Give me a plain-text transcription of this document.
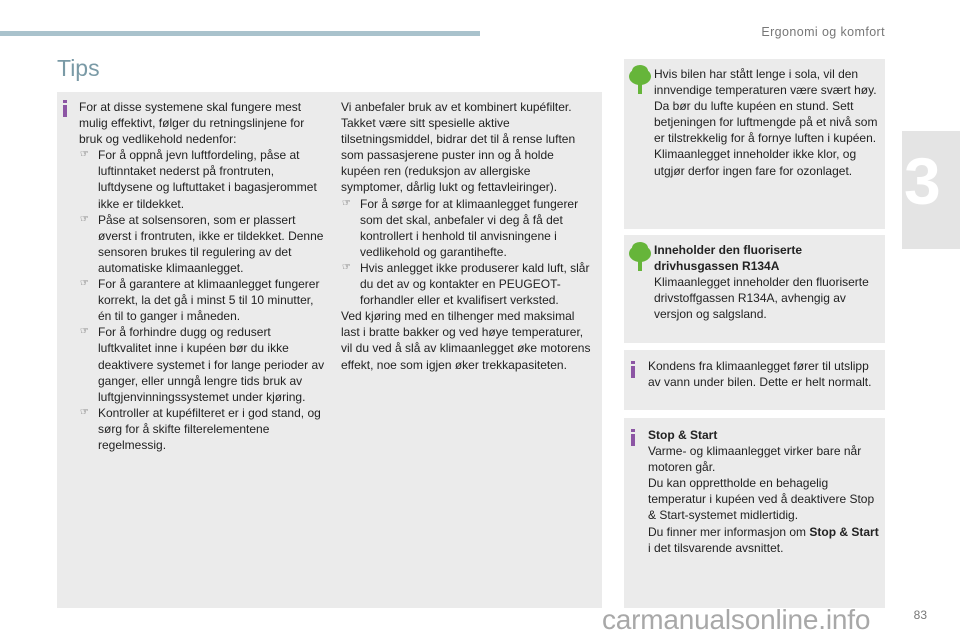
Ergonomi og komfort
3
Tips

For at disse systemene skal fungere mest mulig effektivt, følger du retningslinjene for bruk og vedlikehold nedenfor:

☞ For å oppnå jevn luftfordeling, påse at luftinntaket nederst på frontruten, luftdysene og luftuttaket i bagasjerommet ikke er tildekket.
☞ Påse at solsensoren, som er plassert øverst i frontruten, ikke er tildekket. Denne sensoren brukes til regulering av det automatiske klimaanlegget.
☞ For å garantere at klimaanlegget fungerer korrekt, la det gå i minst 5 til 10 minutter, én til to ganger i måneden.
☞ For å forhindre dugg og redusert luftkvalitet inne i kupéen bør du ikke deaktivere systemet i for lange perioder av ganger, eller unngå lengre tids bruk av luftgjenvinningssystemet under kjøring.
☞ Kontroller at kupéfilteret er i god stand, og sørg for å skifte filterelementene regelmessig.

Vi anbefaler bruk av et kombinert kupéfilter. Takket være sitt spesielle aktive tilsetningsmiddel, bidrar det til å rense luften som passasjerene puster inn og å holde kupéen ren (reduksjon av allergiske symptomer, dårlig lukt og fettavleiringer).

☞ For å sørge for at klimaanlegget fungerer som det skal, anbefaler vi deg å få det kontrollert i henhold til anvisningene i vedlikehold og garantihefte.
☞ Hvis anlegget ikke produserer kald luft, slår du det av og kontakter en PEUGEOT-forhandler eller et kvalifisert verksted.

Ved kjøring med en tilhenger med maksimal last i bratte bakker og ved høye temperaturer, vil du ved å slå av klimaanlegget øke motorens effekt, noe som igjen øker trekkapasiteten.

Hvis bilen har stått lenge i sola, vil den innvendige temperaturen være svært høy. Da bør du lufte kupéen en stund. Sett betjeningen for luftmengde på et nivå som er tilstrekkelig for å fornye luften i kupéen.

Klimaanlegget inneholder ikke klor, og utgjør derfor ingen fare for ozonlaget.

Inneholder den fluoriserte drivhusgassen R134A

Klimaanlegget inneholder den fluoriserte drivstoffgassen R134A, avhengig av versjon og salgsland.

Kondens fra klimaanlegget fører til utslipp av vann under bilen. Dette er helt normalt.

Stop & Start

Varme- og klimaanlegget virker bare når motoren går.

Du kan opprettholde en behagelig temperatur i kupéen ved å deaktivere Stop & Start-systemet midlertidig.

Du finner mer informasjon om Stop & Start i det tilsvarende avsnittet.

carmanualsonline.info	83
